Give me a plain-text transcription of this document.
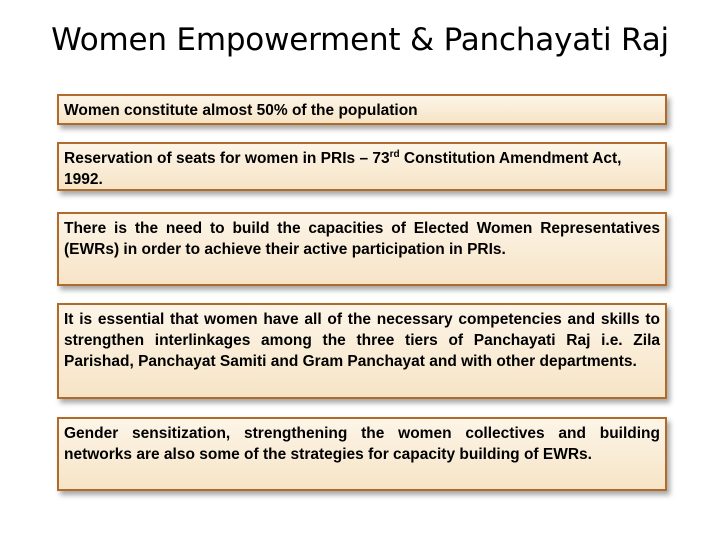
Women Empowerment & Panchayati Raj
Women constitute almost 50% of the population
Reservation of seats for women in PRIs – 73rd Constitution Amendment Act, 1992.
There is the need to build the capacities of Elected Women Representatives (EWRs) in order to achieve their active participation in PRIs.
It is essential that women have all of the necessary competencies and skills to strengthen interlinkages among the three tiers of Panchayati Raj i.e. Zila Parishad, Panchayat Samiti and Gram Panchayat and with other departments.
Gender sensitization, strengthening the women collectives and building networks are also some of the strategies for capacity building of EWRs.
